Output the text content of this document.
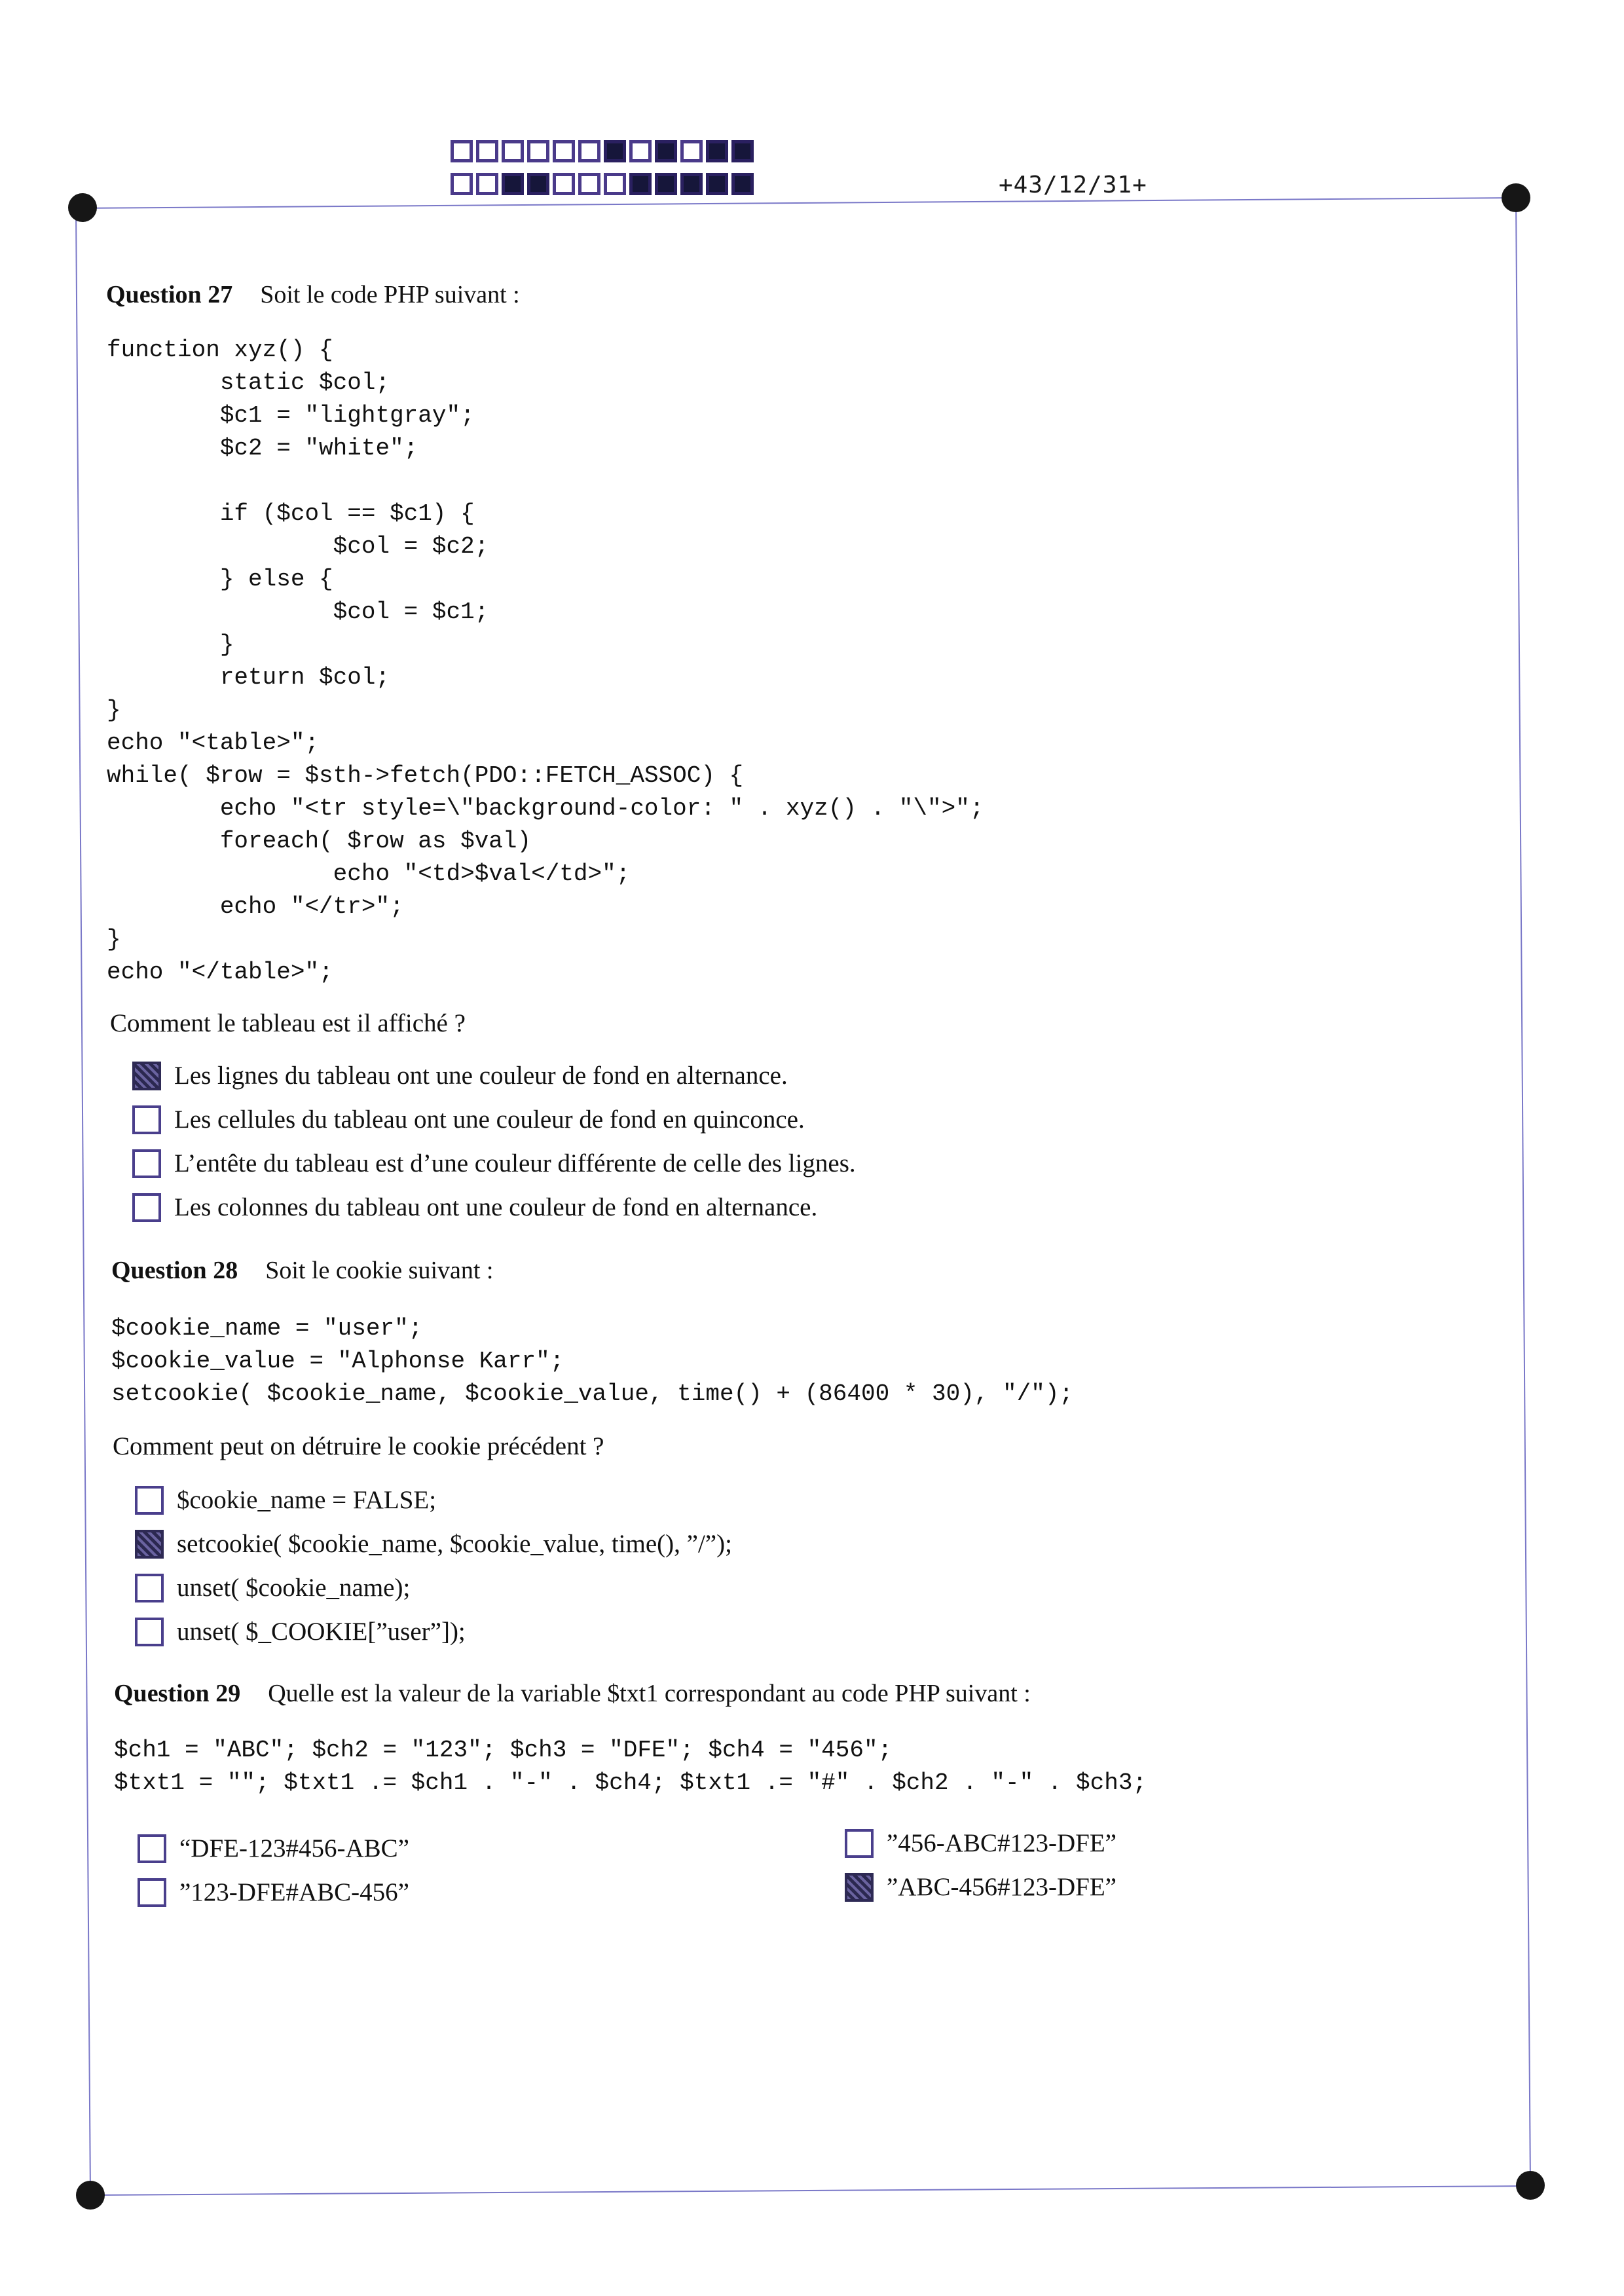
+43/12/31+
Question 27 Soit le code PHP suivant :
function xyz() {
static $col;
$c1 = "lightgray";
$c2 = "white";

if ($col == $c1) {
$col = $c2;
} else {
$col = $c1;
}
return $col;
}
echo "<table>";
while( $row = $sth->fetch(PDO::FETCH_ASSOC) {
echo "<tr style=\"background-color: " . xyz() . "\">";
foreach( $row as $val)
echo "<td>$val</td>";
echo "</tr>";
}
echo "</table>";
Comment le tableau est il affiché ?
Les lignes du tableau ont une couleur de fond en alternance.
Les cellules du tableau ont une couleur de fond en quinconce.
L’entête du tableau est d’une couleur différente de celle des lignes.
Les colonnes du tableau ont une couleur de fond en alternance.
Question 28 Soit le cookie suivant :
$cookie_name = "user";
$cookie_value = "Alphonse Karr";
setcookie( $cookie_name, $cookie_value, time() + (86400 * 30), "/");
Comment peut on détruire le cookie précédent ?
$cookie_name = FALSE;
setcookie( $cookie_name, $cookie_value, time(), ”/”);
unset( $cookie_name);
unset( $_COOKIE[”user”]);
Question 29 Quelle est la valeur de la variable $txt1 correspondant au code PHP suivant :
$ch1 = "ABC"; $ch2 = "123"; $ch3 = "DFE"; $ch4 = "456";
$txt1 = ""; $txt1 .= $ch1 . "-" . $ch4; $txt1 .= "#" . $ch2 . "-" . $ch3;
“DFE-123#456-ABC”
”123-DFE#ABC-456”
”456-ABC#123-DFE”
”ABC-456#123-DFE”
